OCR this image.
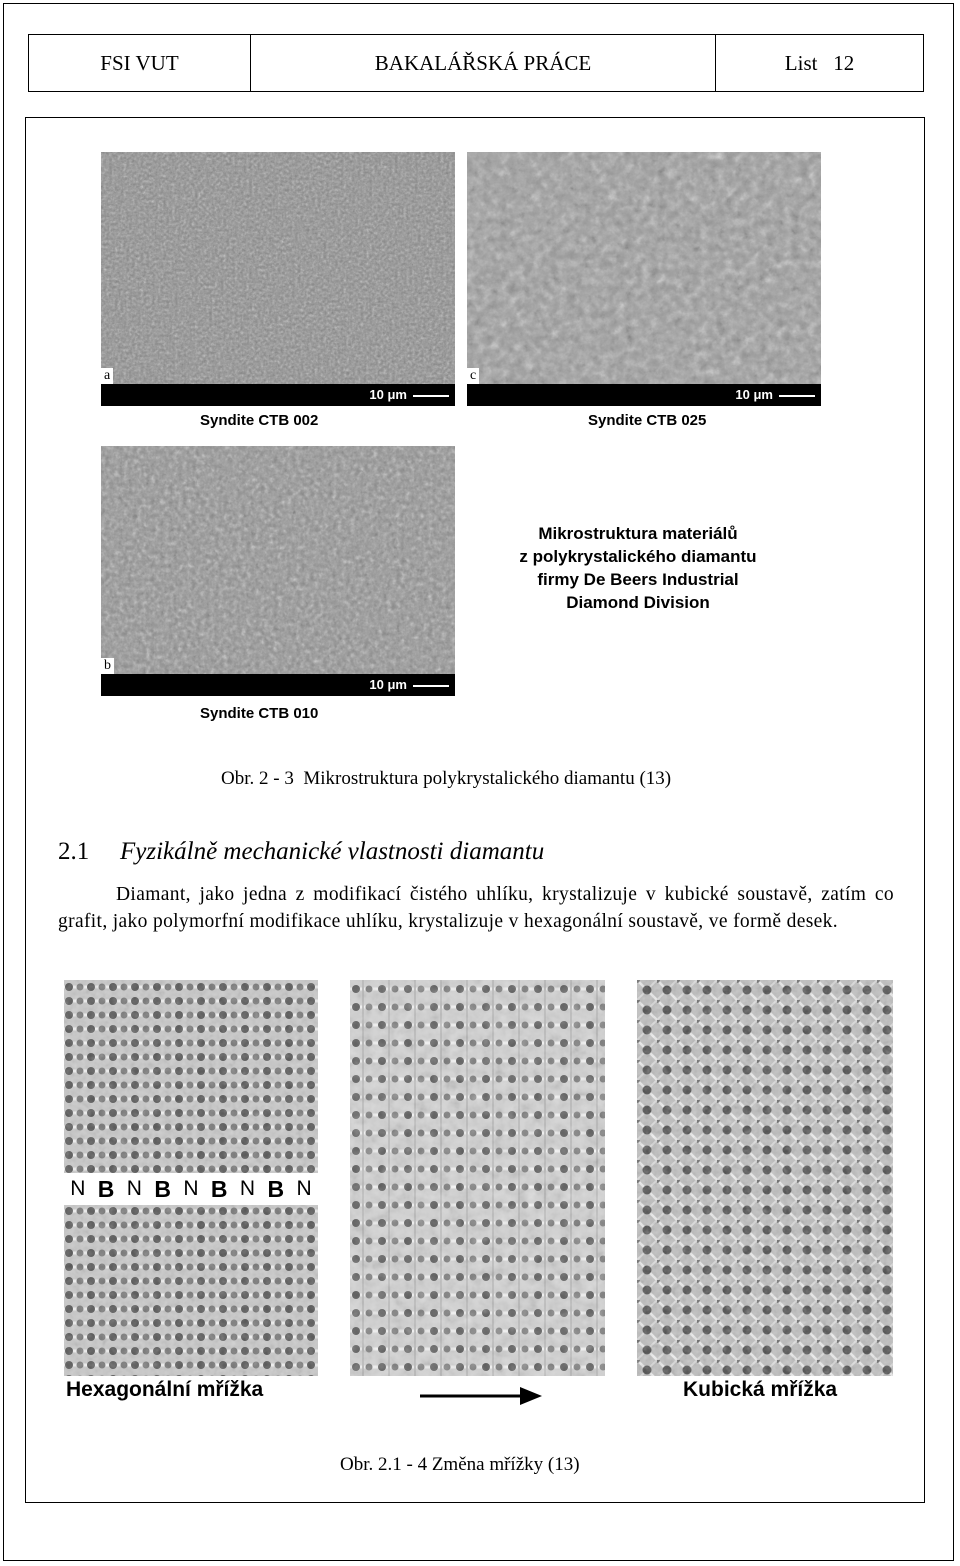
FSI VUT	BAKALÁŘSKÁ PRÁCE	List   12
a
10 μm
Syndite CTB 002
c
10 μm
Syndite CTB 025
b
10 μm
Syndite CTB 010
Mikrostruktura materiálů
z polykrystalického diamantu
firmy De Beers Industrial
Diamond Division
Obr. 2 - 3  Mikrostruktura polykrystalického diamantu (13)
2.1 Fyzikálně mechanické vlastnosti diamantu

Diamant, jako jedna z modifikací čistého uhlíku, krystalizuje v kubické soustavě, zatím co grafit, jako polymorfní modifikace uhlíku, krystalizuje v hexagonální soustavě, ve formě desek.

N B N B N B N B N
Hexagonální mřížka	Kubická mřížka
Obr. 2.1 - 4 Změna mřížky (13)
